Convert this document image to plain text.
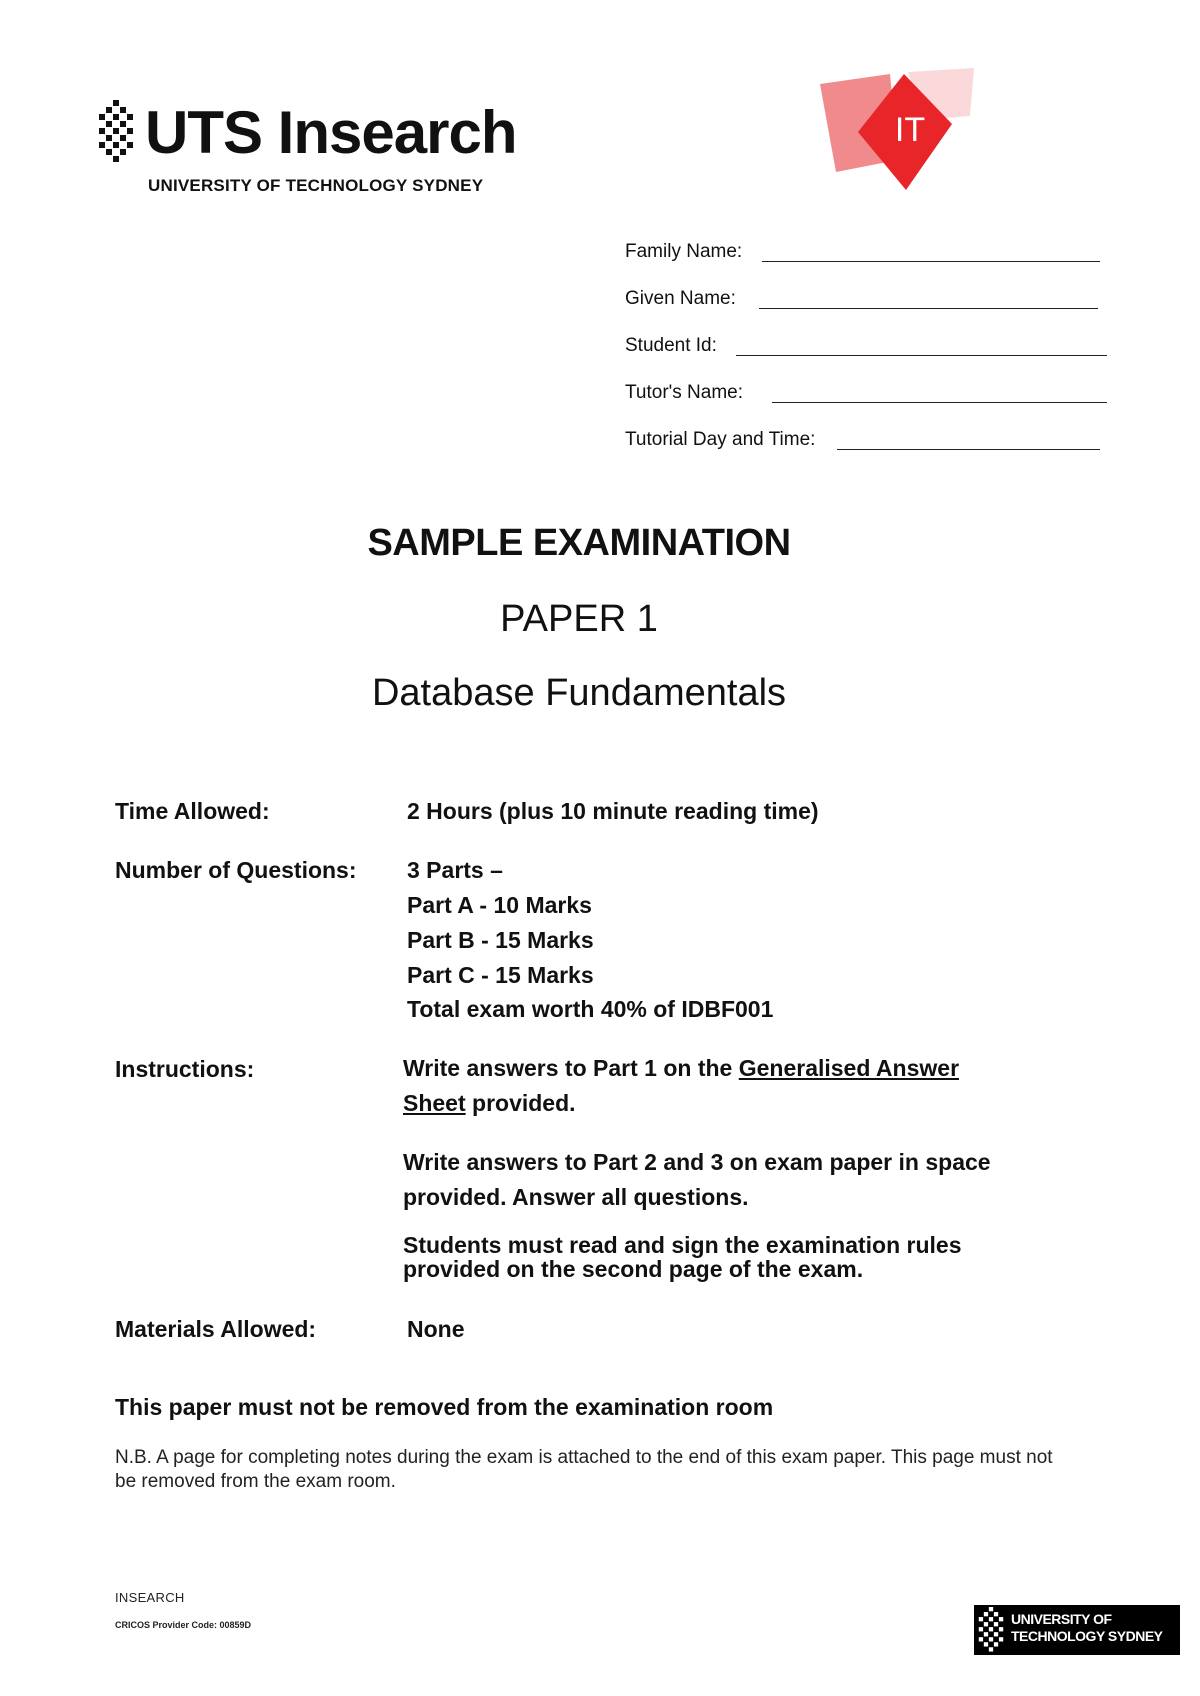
UTS Insearch
UNIVERSITY OF TECHNOLOGY SYDNEY
IT
Family Name:
Given Name:
Student Id:
Tutor's Name:
Tutorial Day and Time:
SAMPLE EXAMINATION
PAPER 1
Database Fundamentals
Time Allowed:	2 Hours (plus 10 minute reading time)
Number of Questions: 3 Parts –
Part A - 10 Marks
Part B - 15 Marks
Part C - 15 Marks
Total exam worth 40% of IDBF001
Instructions:	Write answers to Part 1 on the Generalised Answer Sheet provided.
Write answers to Part 2 and 3 on exam paper in space provided. Answer all questions.
Students must read and sign the examination rules provided on the second page of the exam.
Materials Allowed:	None
This paper must not be removed from the examination room
N.B. A page for completing notes during the exam is attached to the end of this exam paper. This page must not be removed from the exam room.
INSEARCH
CRICOS Provider Code: 00859D	UNIVERSITY OF
TECHNOLOGY SYDNEY
